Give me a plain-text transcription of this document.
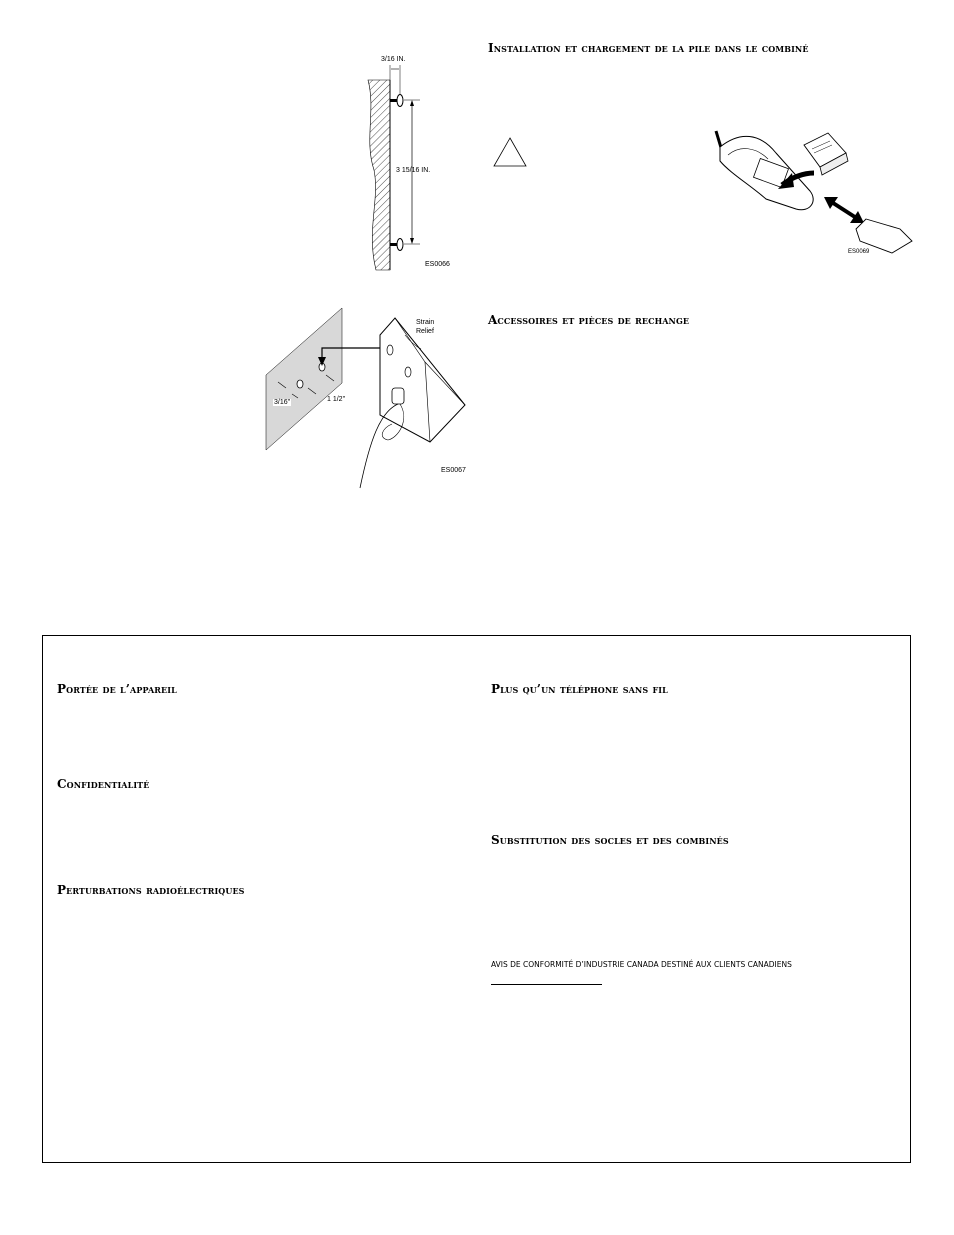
3/16 IN.
3 15/16 IN.
ES0066
Strain
Relief
3/16"	1 1/2"
ES0067
Installation et chargement de la pile dans le combiné
ES0069
Accessoires et pièces de rechange
Portée de l’appareil
Confidentialité
Perturbations radioélectriques
Plus qu’un téléphone sans fil
Substitution des socles et des combinés
AVIS DE CONFORMITÉ D’INDUSTRIE CANADA DESTINÉ AUX CLIENTS CANADIENS
